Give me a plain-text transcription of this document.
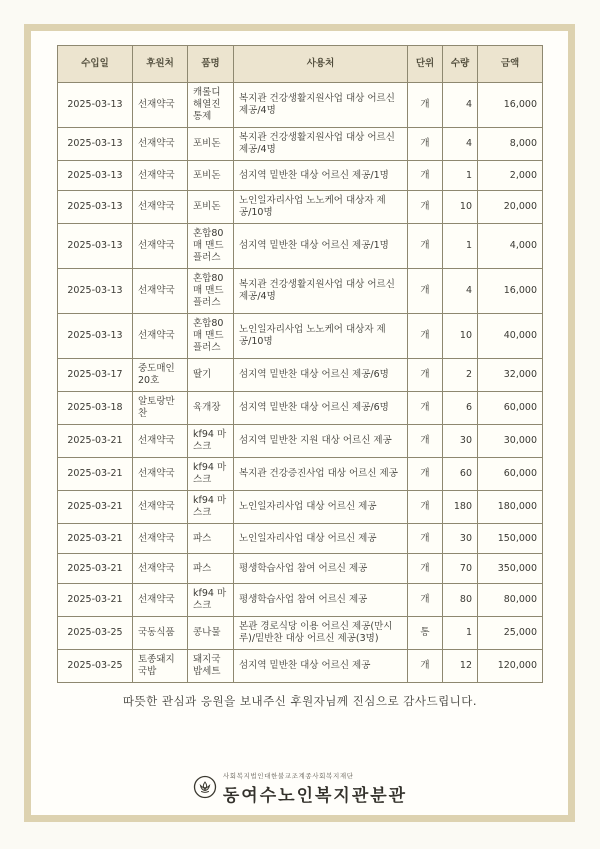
수입일	후원처	품명	사용처	단위	수량	금액
2025-03-13	선재약국	캐롤디 해열진통제	복지관 건강생활지원사업 대상 어르신 제공/4명	개	4	16,000
2025-03-13	선재약국	포비돈	복지관 건강생활지원사업 대상 어르신 제공/4명	개	4	8,000
2025-03-13	선재약국	포비돈	섬지역 밑반찬 대상 어르신 제공/1명	개	1	2,000
2025-03-13	선재약국	포비돈	노인일자리사업 노노케어 대상자 제공/10명	개	10	20,000
2025-03-13	선재약국	혼합80매 맨드플러스	섬지역 밑반찬 대상 어르신 제공/1명	개	1	4,000
2025-03-13	선재약국	혼합80매 맨드플러스	복지관 건강생활지원사업 대상 어르신 제공/4명	개	4	16,000
2025-03-13	선재약국	혼합80매 맨드플러스	노인일자리사업 노노케어 대상자 제공/10명	개	10	40,000
2025-03-17	중도매인 20호	딸기	섬지역 밑반찬 대상 어르신 제공/6명	개	2	32,000
2025-03-18	알토랑만찬	육개장	섬지역 밑반찬 대상 어르신 제공/6명	개	6	60,000
2025-03-21	선재약국	kf94 마스크	섬지역 밑반찬 지원 대상 어르신 제공	개	30	30,000
2025-03-21	선재약국	kf94 마스크	복지관 건강증진사업 대상 어르신 제공	개	60	60,000
2025-03-21	선재약국	kf94 마스크	노인일자리사업 대상 어르신 제공	개	180	180,000
2025-03-21	선재약국	파스	노인일자리사업 대상 어르신 제공	개	30	150,000
2025-03-21	선재약국	파스	평생학습사업 참여 어르신 제공	개	70	350,000
2025-03-21	선재약국	kf94 마스크	평생학습사업 참여 어르신 제공	개	80	80,000
2025-03-25	국동식품	콩나물	본관 경로식당 이용 어르신 제공(만시루)/밑반찬 대상 어르신 제공(3명)	통	1	25,000
2025-03-25	토종돼지국밥	돼지국밥세트	섬지역 밑반찬 대상 어르신 제공	개	12	120,000
따뜻한 관심과 응원을 보내주신 후원자님께 진심으로 감사드립니다.
사회복지법인대한불교조계종사회복지재단
동여수노인복지관분관
